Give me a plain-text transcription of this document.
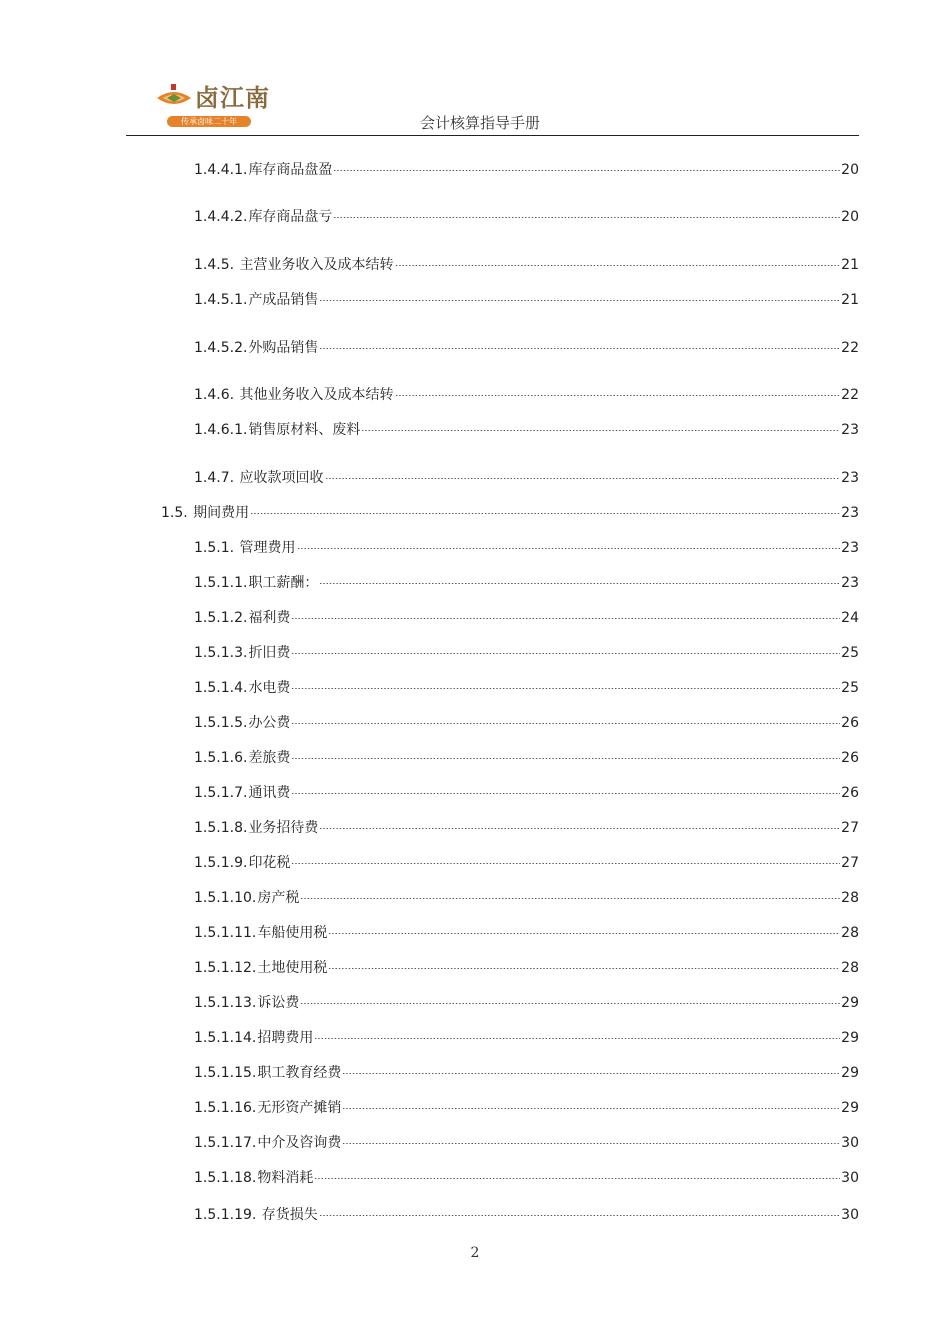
卤江南
传承卤味二十年	会计核算指导手册
1.4.4.1.库存商品盘盈	20
1.4.4.2.库存商品盘亏	20
1.4.5. 主营业务收入及成本结转	21
1.4.5.1.产成品销售	21
1.4.5.2.外购品销售	22
1.4.6. 其他业务收入及成本结转	22
1.4.6.1.销售原材料、废料	23
1.4.7. 应收款项回收	23
1.5. 期间费用	23
1.5.1. 管理费用	23
1.5.1.1.职工薪酬：	23
1.5.1.2.福利费	24
1.5.1.3.折旧费	25
1.5.1.4.水电费	25
1.5.1.5.办公费	26
1.5.1.6.差旅费	26
1.5.1.7.通讯费	26
1.5.1.8.业务招待费	27
1.5.1.9.印花税	27
1.5.1.10.房产税	28
1.5.1.11.车船使用税	28
1.5.1.12.土地使用税	28
1.5.1.13.诉讼费	29
1.5.1.14.招聘费用	29
1.5.1.15.职工教育经费	29
1.5.1.16.无形资产摊销	29
1.5.1.17.中介及咨询费	30
1.5.1.18.物料消耗	30
1.5.1.19. 存货损失	30
2
